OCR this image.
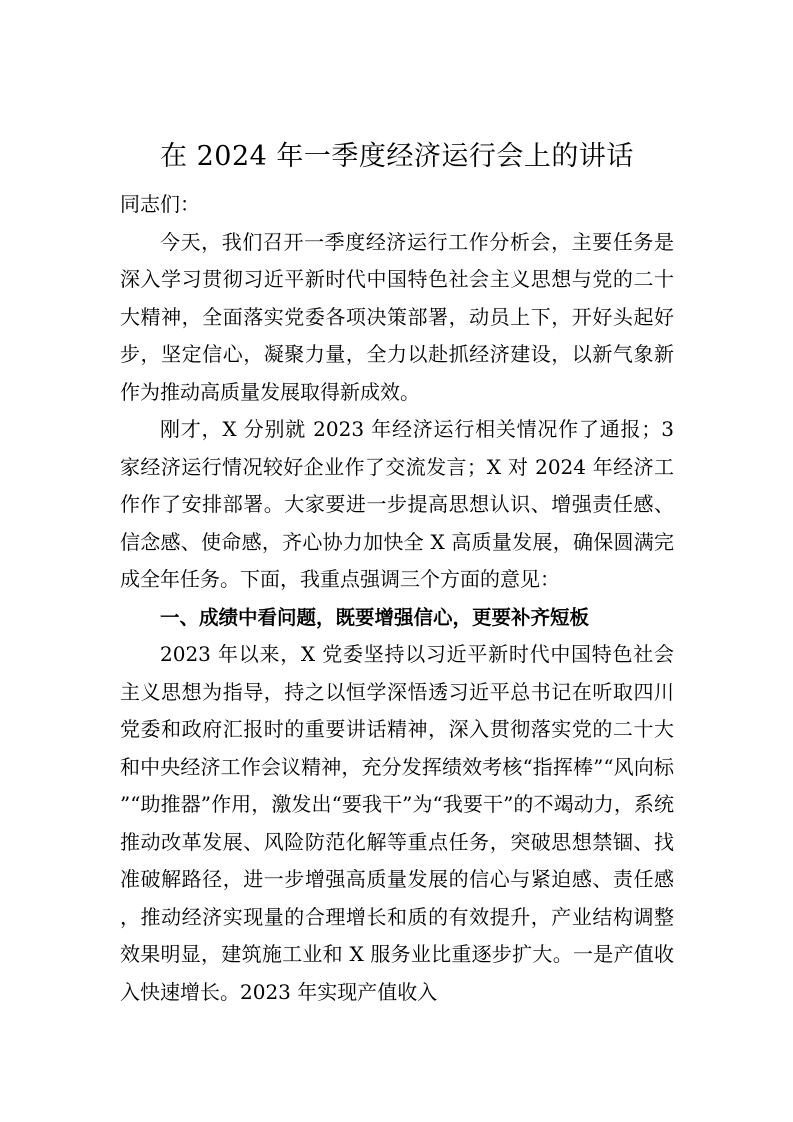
在 2024 年一季度经济运行会上的讲话

同志们：

今天，我们召开一季度经济运行工作分析会，主要任务是深入学习贯彻习近平新时代中国特色社会主义思想与党的二十大精神，全面落实党委各项决策部署，动员上下，开好头起好步，坚定信心，凝聚力量，全力以赴抓经济建设，以新气象新作为推动高质量发展取得新成效。

刚才，X 分别就 2023 年经济运行相关情况作了通报；3 家经济运行情况较好企业作了交流发言；X 对 2024 年经济工作作了安排部署。大家要进一步提高思想认识、增强责任感、信念感、使命感，齐心协力加快全 X 高质量发展，确保圆满完成全年任务。下面，我重点强调三个方面的意见：

一、成绩中看问题，既要增强信心，更要补齐短板

2023 年以来，X 党委坚持以习近平新时代中国特色社会主义思想为指导，持之以恒学深悟透习近平总书记在听取四川党委和政府汇报时的重要讲话精神，深入贯彻落实党的二十大和中央经济工作会议精神，充分发挥绩效考核“指挥棒”“风向标”“助推器”作用，激发出“要我干”为“我要干”的不竭动力，系统推动改革发展、风险防范化解等重点任务，突破思想禁锢、找准破解路径，进一步增强高质量发展的信心与紧迫感、责任感，推动经济实现量的合理增长和质的有效提升，产业结构调整效果明显，建筑施工业和 X 服务业比重逐步扩大。一是产值收入快速增长。2023 年实现产值收入
